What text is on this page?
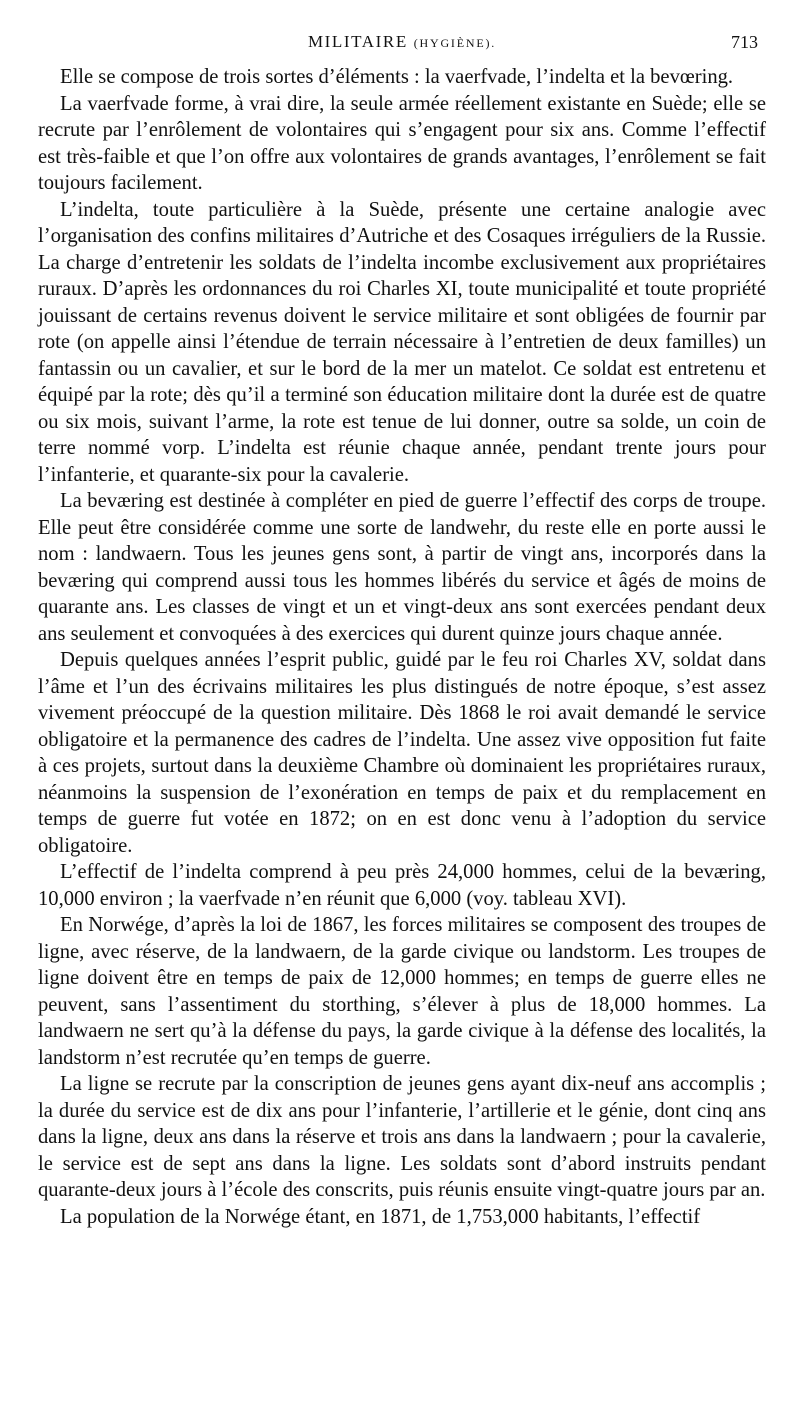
MILITAIRE (HYGIÈNE).	713

Elle se compose de trois sortes d’éléments : la vaerfvade, l’indelta et la bevœring.

La vaerfvade forme, à vrai dire, la seule armée réellement existante en Suède; elle se recrute par l’enrôlement de volontaires qui s’engagent pour six ans. Comme l’effectif est très-faible et que l’on offre aux volontaires de grands avantages, l’enrôlement se fait toujours facilement.

L’indelta, toute particulière à la Suède, présente une certaine analogie avec l’organisation des confins militaires d’Autriche et des Cosaques irréguliers de la Russie. La charge d’entretenir les soldats de l’indelta incombe exclusivement aux propriétaires ruraux. D’après les ordonnances du roi Charles XI, toute municipalité et toute propriété jouissant de certains revenus doivent le service militaire et sont obligées de fournir par rote (on appelle ainsi l’étendue de terrain nécessaire à l’entretien de deux familles) un fantassin ou un cavalier, et sur le bord de la mer un matelot. Ce soldat est entretenu et équipé par la rote; dès qu’il a terminé son éducation militaire dont la durée est de quatre ou six mois, suivant l’arme, la rote est tenue de lui donner, outre sa solde, un coin de terre nommé vorp. L’indelta est réunie chaque année, pendant trente jours pour l’infanterie, et quarante-six pour la cavalerie.

La beværing est destinée à compléter en pied de guerre l’effectif des corps de troupe. Elle peut être considérée comme une sorte de landwehr, du reste elle en porte aussi le nom : landwaern. Tous les jeunes gens sont, à partir de vingt ans, incorporés dans la beværing qui comprend aussi tous les hommes libérés du service et âgés de moins de quarante ans. Les classes de vingt et un et vingt-deux ans sont exercées pendant deux ans seulement et convoquées à des exercices qui durent quinze jours chaque année.

Depuis quelques années l’esprit public, guidé par le feu roi Charles XV, soldat dans l’âme et l’un des écrivains militaires les plus distingués de notre époque, s’est assez vivement préoccupé de la question militaire. Dès 1868 le roi avait demandé le service obligatoire et la permanence des cadres de l’indelta. Une assez vive opposition fut faite à ces projets, surtout dans la deuxième Chambre où dominaient les propriétaires ruraux, néanmoins la suspension de l’exonération en temps de paix et du remplacement en temps de guerre fut votée en 1872; on en est donc venu à l’adoption du service obligatoire.

L’effectif de l’indelta comprend à peu près 24,000 hommes, celui de la beværing, 10,000 environ ; la vaerfvade n’en réunit que 6,000 (voy. tableau XVI).

En Norwége, d’après la loi de 1867, les forces militaires se composent des troupes de ligne, avec réserve, de la landwaern, de la garde civique ou landstorm. Les troupes de ligne doivent être en temps de paix de 12,000 hommes; en temps de guerre elles ne peuvent, sans l’assentiment du storthing, s’élever à plus de 18,000 hommes. La landwaern ne sert qu’à la défense du pays, la garde civique à la défense des localités, la landstorm n’est recrutée qu’en temps de guerre.

La ligne se recrute par la conscription de jeunes gens ayant dix-neuf ans accomplis ; la durée du service est de dix ans pour l’infanterie, l’artillerie et le génie, dont cinq ans dans la ligne, deux ans dans la réserve et trois ans dans la landwaern ; pour la cavalerie, le service est de sept ans dans la ligne. Les soldats sont d’abord instruits pendant quarante-deux jours à l’école des conscrits, puis réunis ensuite vingt-quatre jours par an.

La population de la Norwége étant, en 1871, de 1,753,000 habitants, l’effectif
